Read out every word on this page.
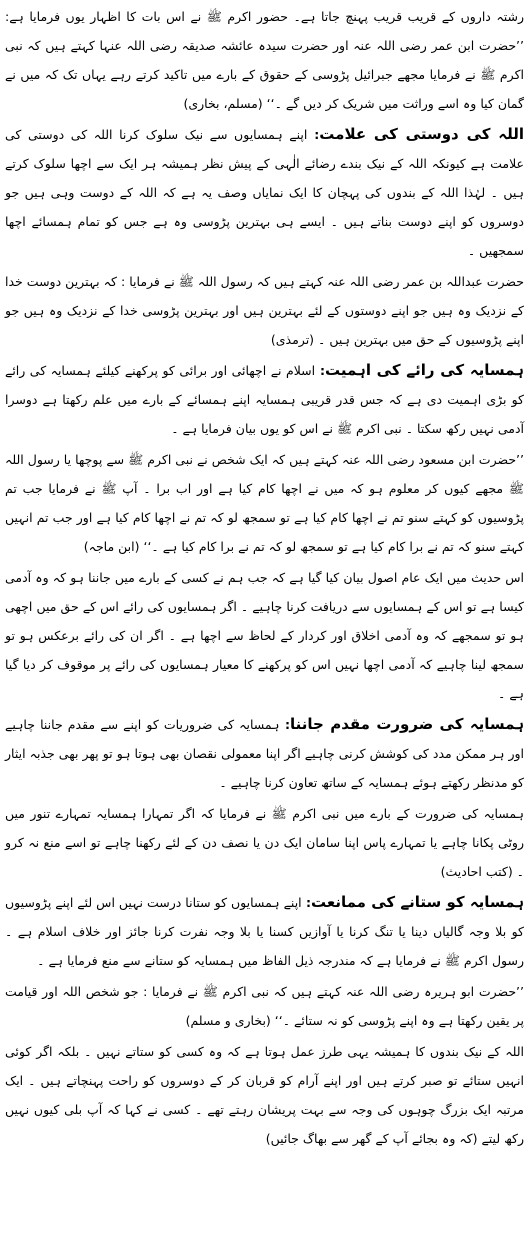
رشتہ داروں کے قریب قریب پہنچ جاتا ہے۔ حضور اکرم ﷺ نے اس بات کا اظہار یوں فرمایا ہے: ’’حضرت ابن عمر رضی اللہ عنہ اور حضرت سیدہ عائشہ صدیقہ رضی اللہ عنہا کہتے ہیں کہ نبی اکرم ﷺ نے فرمایا مجھے جبرائیل پڑوسی کے حقوق کے بارے میں تاکید کرتے رہے یہاں تک کہ میں نے گمان کیا وہ اسے وراثت میں شریک کر دیں گے ۔‘‘ (مسلم، بخاری)

اللہ کی دوستی کی علامت: اپنے ہمسایوں سے نیک سلوک کرنا اللہ کی دوستی کی علامت ہے کیونکہ اللہ کے نیک بندے رضائے الٰہی کے پیش نظر ہمیشہ ہر ایک سے اچھا سلوک کرتے ہیں ۔ لہٰذا اللہ کے بندوں کی پہچان کا ایک نمایاں وصف یہ ہے کہ اللہ کے دوست وہی ہیں جو دوسروں کو اپنے دوست بناتے ہیں ۔ ایسے ہی بہترین پڑوسی وہ ہے جس کو تمام ہمسائے اچھا سمجھیں ۔

حضرت عبداللہ بن عمر رضی اللہ عنہ کہتے ہیں کہ رسول اللہ ﷺ نے فرمایا : کہ بہترین دوست خدا کے نزدیک وہ ہیں جو اپنے دوستوں کے لئے بہترین ہیں اور بہترین پڑوسی خدا کے نزدیک وہ ہیں جو اپنے پڑوسیوں کے حق میں بہترین ہیں ۔ (ترمذی)

ہمسایہ کی رائے کی اہمیت: اسلام نے اچھائی اور برائی کو پرکھنے کیلئے ہمسایہ کی رائے کو بڑی اہمیت دی ہے کہ جس قدر قریبی ہمسایہ اپنے ہمسائے کے بارے میں علم رکھتا ہے دوسرا آدمی نہیں رکھ سکتا ۔ نبی اکرم ﷺ نے اس کو یوں بیان فرمایا ہے ۔

’’حضرت ابن مسعود رضی اللہ عنہ کہتے ہیں کہ ایک شخص نے نبی اکرم ﷺ سے پوچھا یا رسول اللہ ﷺ مجھے کیوں کر معلوم ہو کہ میں نے اچھا کام کیا ہے اور اب برا ۔ آپ ﷺ نے فرمایا جب تم پڑوسیوں کو کہتے سنو تم نے اچھا کام کیا ہے تو سمجھ لو کہ تم نے اچھا کام کیا ہے اور جب تم انہیں کہتے سنو کہ تم نے برا کام کیا ہے تو سمجھ لو کہ تم نے برا کام کیا ہے ۔‘‘ (ابن ماجہ)

اس حدیث میں ایک عام اصول بیان کیا گیا ہے کہ جب ہم نے کسی کے بارے میں جاننا ہو کہ وہ آدمی کیسا ہے تو اس کے ہمسایوں سے دریافت کرنا چاہیے ۔ اگر ہمسایوں کی رائے اس کے حق میں اچھی ہو تو سمجھے کہ وہ آدمی اخلاق اور کردار کے لحاظ سے اچھا ہے ۔ اگر ان کی رائے برعکس ہو تو سمجھ لینا چاہیے کہ آدمی اچھا نہیں اس کو پرکھنے کا معیار ہمسایوں کی رائے پر موقوف کر دیا گیا ہے ۔

ہمسایہ کی ضرورت مقدم جاننا: ہمسایہ کی ضروریات کو اپنے سے مقدم جاننا چاہیے اور ہر ممکن مدد کی کوشش کرنی چاہیے اگر اپنا معمولی نقصان بھی ہوتا ہو تو پھر بھی جذبہ ایثار کو مدنظر رکھتے ہوئے ہمسایہ کے ساتھ تعاون کرنا چاہیے ۔

ہمسایہ کی ضرورت کے بارے میں نبی اکرم ﷺ نے فرمایا کہ اگر تمہارا ہمسایہ تمہارے تنور میں روٹی پکانا چاہے یا تمہارے پاس اپنا سامان ایک دن یا نصف دن کے لئے رکھنا چاہے تو اسے منع نہ کرو ۔ (کتب احادیث)

ہمسایہ کو ستانے کی ممانعت: اپنے ہمسایوں کو ستانا درست نہیں اس لئے اپنے پڑوسیوں کو بلا وجہ گالیاں دینا یا تنگ کرنا یا آوازیں کسنا یا بلا وجہ نفرت کرنا جائز اور خلاف اسلام ہے ۔ رسول اکرم ﷺ نے فرمایا ہے کہ مندرجہ ذیل الفاظ میں ہمسایہ کو ستانے سے منع فرمایا ہے ۔

’’حضرت ابو ہریرہ رضی اللہ عنہ کہتے ہیں کہ نبی اکرم ﷺ نے فرمایا : جو شخص اللہ اور قیامت پر یقین رکھتا ہے وہ اپنے پڑوسی کو نہ ستائے ۔‘‘ (بخاری و مسلم)

اللہ کے نیک بندوں کا ہمیشہ یہی طرز عمل ہوتا ہے کہ وہ کسی کو ستاتے نہیں ۔ بلکہ اگر کوئی انہیں ستائے تو صبر کرتے ہیں اور اپنے آرام کو قربان کر کے دوسروں کو راحت پہنچاتے ہیں ۔ ایک مرتبہ ایک بزرگ چوہوں کی وجہ سے بہت پریشان رہتے تھے ۔ کسی نے کہا کہ آپ بلی کیوں نہیں رکھ لیتے (کہ وہ بجائے آپ کے گھر سے بھاگ جائیں)
